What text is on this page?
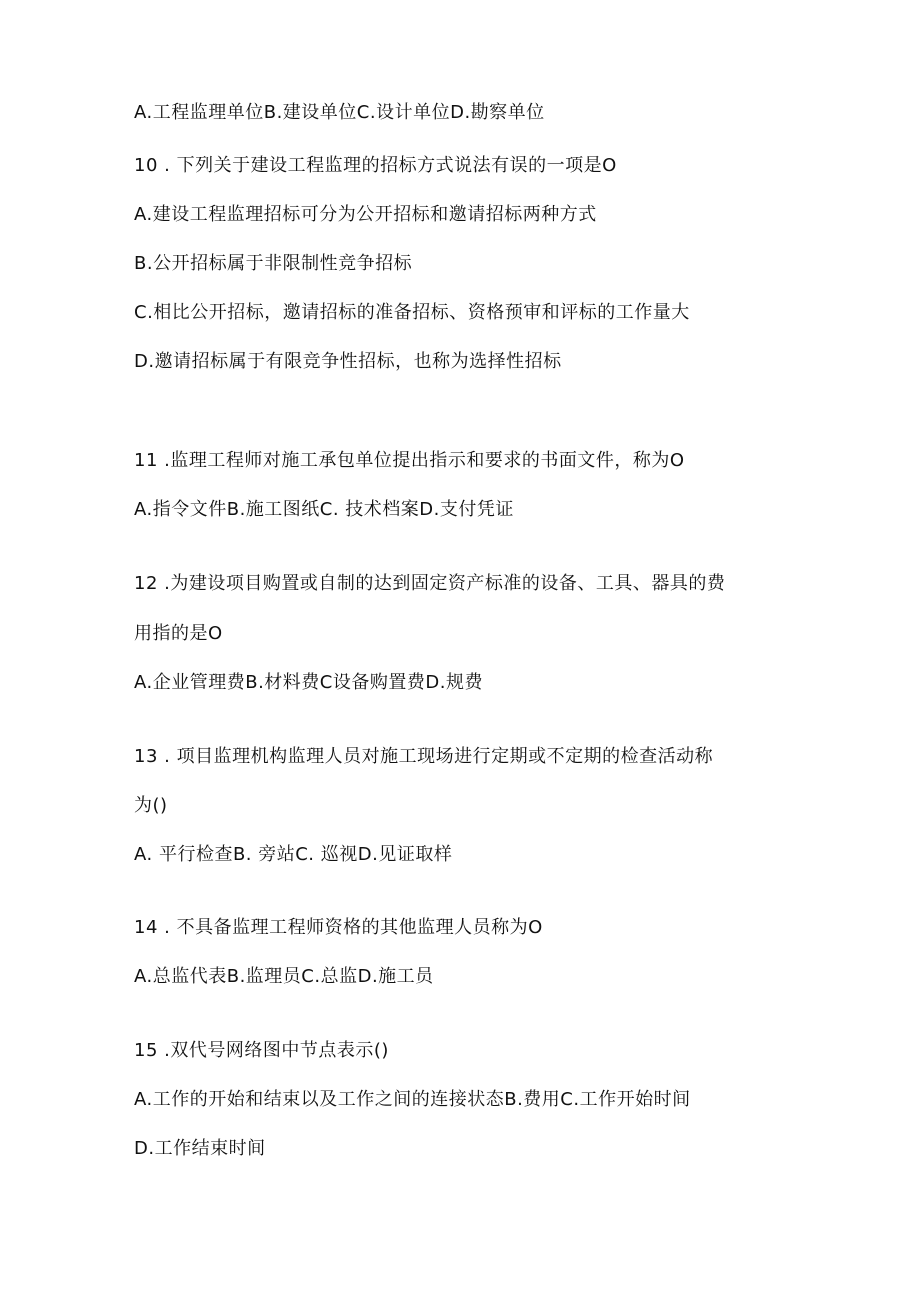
A.工程监理单位B.建设单位C.设计单位D.勘察单位
10 . 下列关于建设工程监理的招标方式说法有误的一项是O
A.建设工程监理招标可分为公开招标和邀请招标两种方式
B.公开招标属于非限制性竞争招标
C.相比公开招标，邀请招标的准备招标、资格预审和评标的工作量大
D.邀请招标属于有限竞争性招标，也称为选择性招标
11 .监理工程师对施工承包单位提出指示和要求的书面文件，称为O
A.指令文件B.施工图纸C. 技术档案D.支付凭证
12 .为建设项目购置或自制的达到固定资产标准的设备、工具、器具的费
用指的是O
A.企业管理费B.材料费C设备购置费D.规费
13 . 项目监理机构监理人员对施工现场进行定期或不定期的检查活动称
为()
A. 平行检查B. 旁站C. 巡视D.见证取样
14 . 不具备监理工程师资格的其他监理人员称为O
A.总监代表B.监理员C.总监D.施工员
15 .双代号网络图中节点表示()
A.工作的开始和结束以及工作之间的连接状态B.费用C.工作开始时间
D.工作结束时间
